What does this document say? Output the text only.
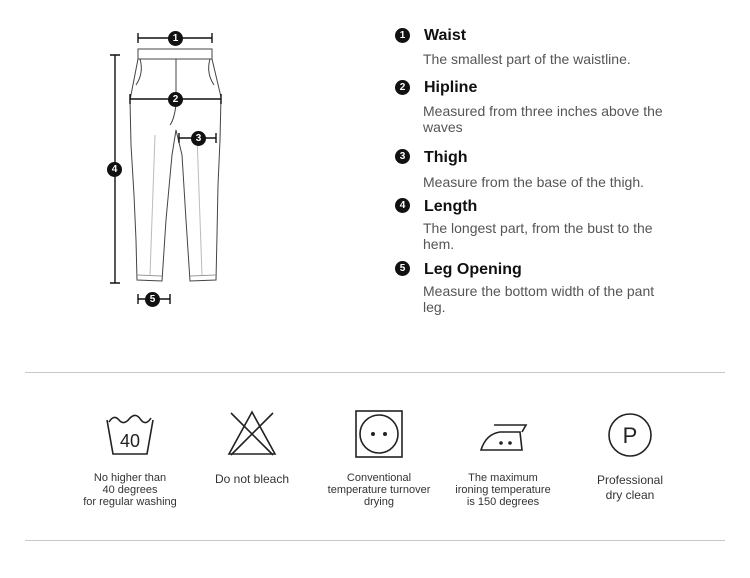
1
2
3
4
5
1 Waist
The smallest part of the waistline.
2 Hipline
Measured from three inches above the waves
3 Thigh
Measure from the base of the thigh.
4 Length
The longest part, from the bust to the hem.
5 Leg Opening
Measure the bottom width of the pant leg.
40	P
No higher than
40 degrees
for regular washing
Do not bleach	Conventional
temperature turnover
drying
The maximum
ironing temperature
is 150 degrees
Professional
dry clean
